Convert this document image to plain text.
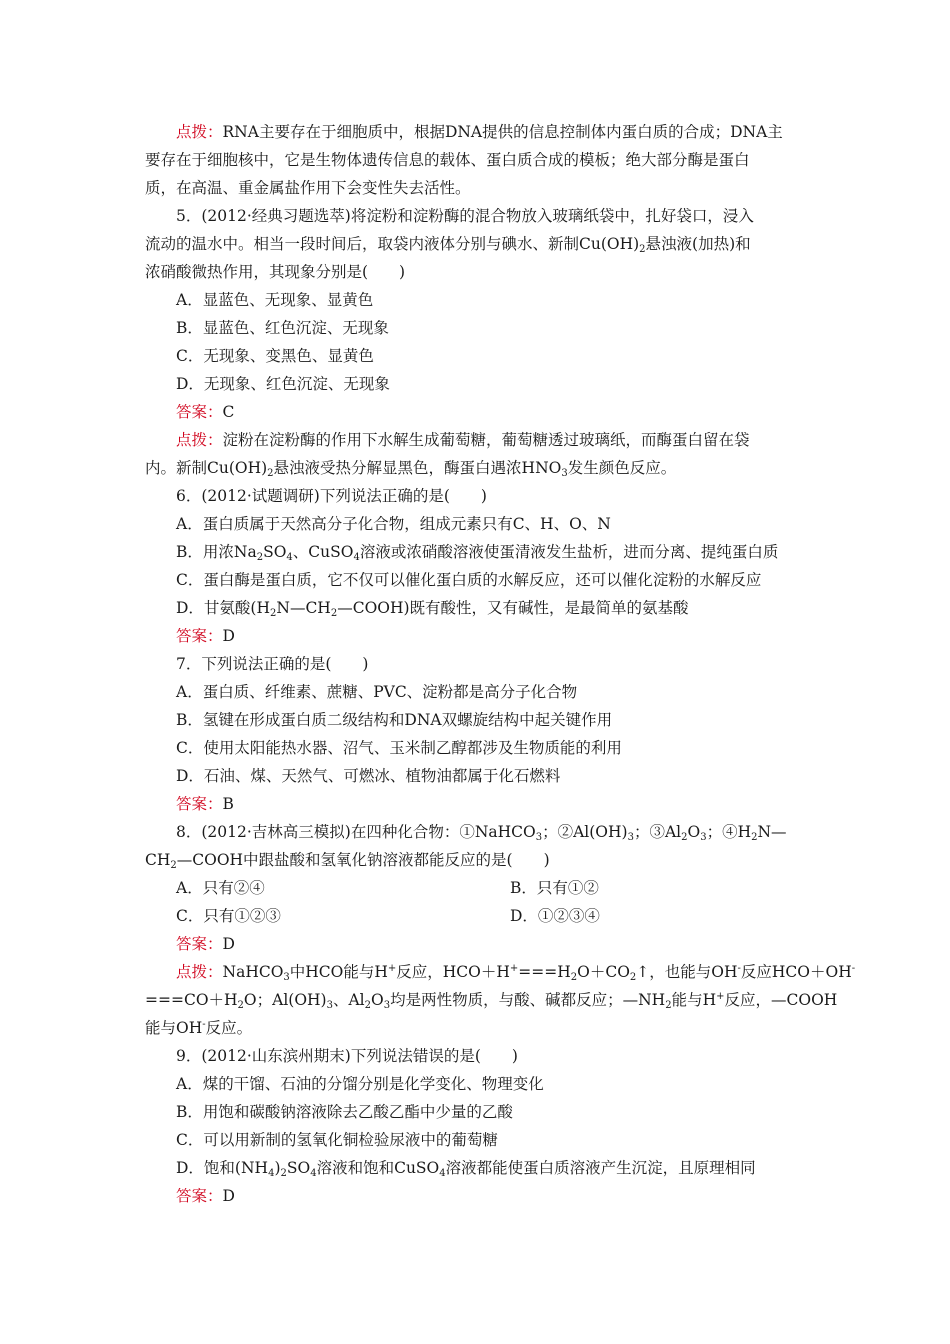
点拨：RNA主要存在于细胞质中，根据DNA提供的信息控制体内蛋白质的合成；DNA主
要存在于细胞核中，它是生物体遗传信息的载体、蛋白质合成的模板；绝大部分酶是蛋白
质，在高温、重金属盐作用下会变性失去活性。
5．(2012·经典习题选萃)将淀粉和淀粉酶的混合物放入玻璃纸袋中，扎好袋口，浸入
流动的温水中。相当一段时间后，取袋内液体分别与碘水、新制$Cu(OH)_2$悬浊液(加热)和
浓硝酸微热作用，其现象分别是(　　)
A．显蓝色、无现象、显黄色
B．显蓝色、红色沉淀、无现象
C．无现象、变黑色、显黄色
D．无现象、红色沉淀、无现象
答案：C
点拨：淀粉在淀粉酶的作用下水解生成葡萄糖，葡萄糖透过玻璃纸，而酶蛋白留在袋
内。新制$Cu(OH)_2$悬浊液受热分解显黑色，酶蛋白遇浓$HNO_3$发生颜色反应。
6．(2012·试题调研)下列说法正确的是(　　)
A．蛋白质属于天然高分子化合物，组成元素只有C、H、O、N
B．用浓$Na_2SO_4$、CuSO$_4$溶液或浓硝酸溶液使蛋清液发生盐析，进而分离、提纯蛋白质
C．蛋白酶是蛋白质，它不仅可以催化蛋白质的水解反应，还可以催化淀粉的水解反应
D．甘氨酸$(H_2N—CH_2—COOH)$既有酸性，又有碱性，是最简单的氨基酸
答案：D
7．下列说法正确的是(　　)
A．蛋白质、纤维素、蔗糖、PVC、淀粉都是高分子化合物
B．氢键在形成蛋白质二级结构和DNA双螺旋结构中起关键作用
C．使用太阳能热水器、沼气、玉米制乙醇都涉及生物质能的利用
D．石油、煤、天然气、可燃冰、植物油都属于化石燃料
答案：B
8．(2012·吉林高三模拟)在四种化合物：①NaHCO$_3$；$②Al(OH)_3$；$③Al_2O_3$；$④H_2N—$
$CH_2—COOH$中跟盐酸和氢氧化钠溶液都能反应的是(　　)
A．只有②④	B．只有①②
C．只有①②③	D．①②③④
答案：D
点拨：NaHCO$_3$中HCO能与H+反应，$HCO+H^+===H_2O+CO_2↑$，也能与OH-反应HCO＋OH-
$===CO+H_2O$；$Al(OH)_3$、$Al_2O_3$均是两性物质，与酸、碱都反应；$—NH_2$能与H+反应，—COOH
能与OH-反应。
9．(2012·山东滨州期末)下列说法错误的是(　　)
A．煤的干馏、石油的分馏分别是化学变化、物理变化
B．用饱和碳酸钠溶液除去乙酸乙酯中少量的乙酸
C．可以用新制的氢氧化铜检验尿液中的葡萄糖
D．饱和$(NH_4)_2SO_4$溶液和饱和CuSO$_4$溶液都能使蛋白质溶液产生沉淀，且原理相同
答案：D
